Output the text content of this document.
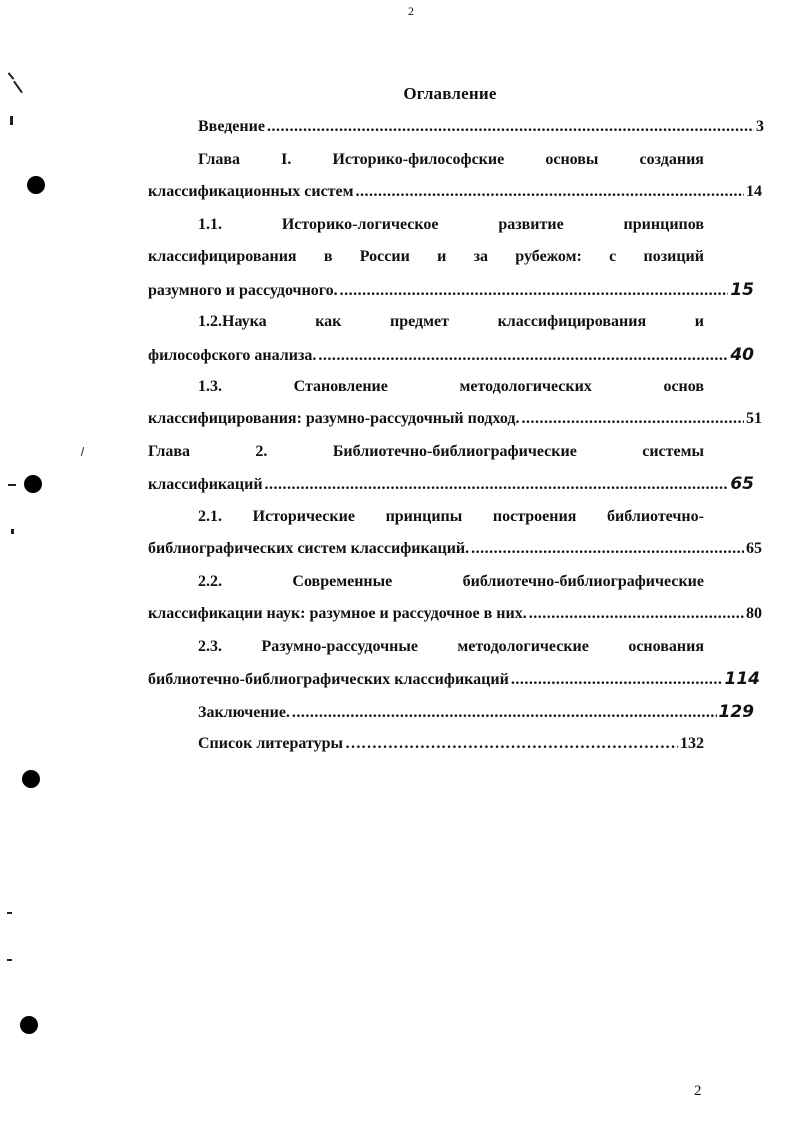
2
Оглавление
Введение .....	3
Глава	I.	Историко-философские	основы	создания
классификационных систем .....	14
1.1.	Историко-логическое	развитие	принципов
классифицирования в России и за рубежом: с позиций
разумного и рассудочного. .....	15
1.2.Наука	как	предмет	классифицирования	и
философского анализа. .....	40
1.3.	Становление	методологических	основ
классифицирования: разумно-рассудочный подход. .....	51
Глава	2.	Библиотечно-библиографические	системы
классификаций .....	65
2.1. Исторические принципы построения библиотечно-
библиографических систем классификаций. .....	65
2.2.	Современные	библиотечно-библиографические
классификации наук: разумное и рассудочное в них. .....	80
2.3. Разумно-рассудочные методологические основания
библиотечно-библиографических классификаций .....	114
Заключение. .....	129
Список литературы ……………………………………………………………………	132
2
